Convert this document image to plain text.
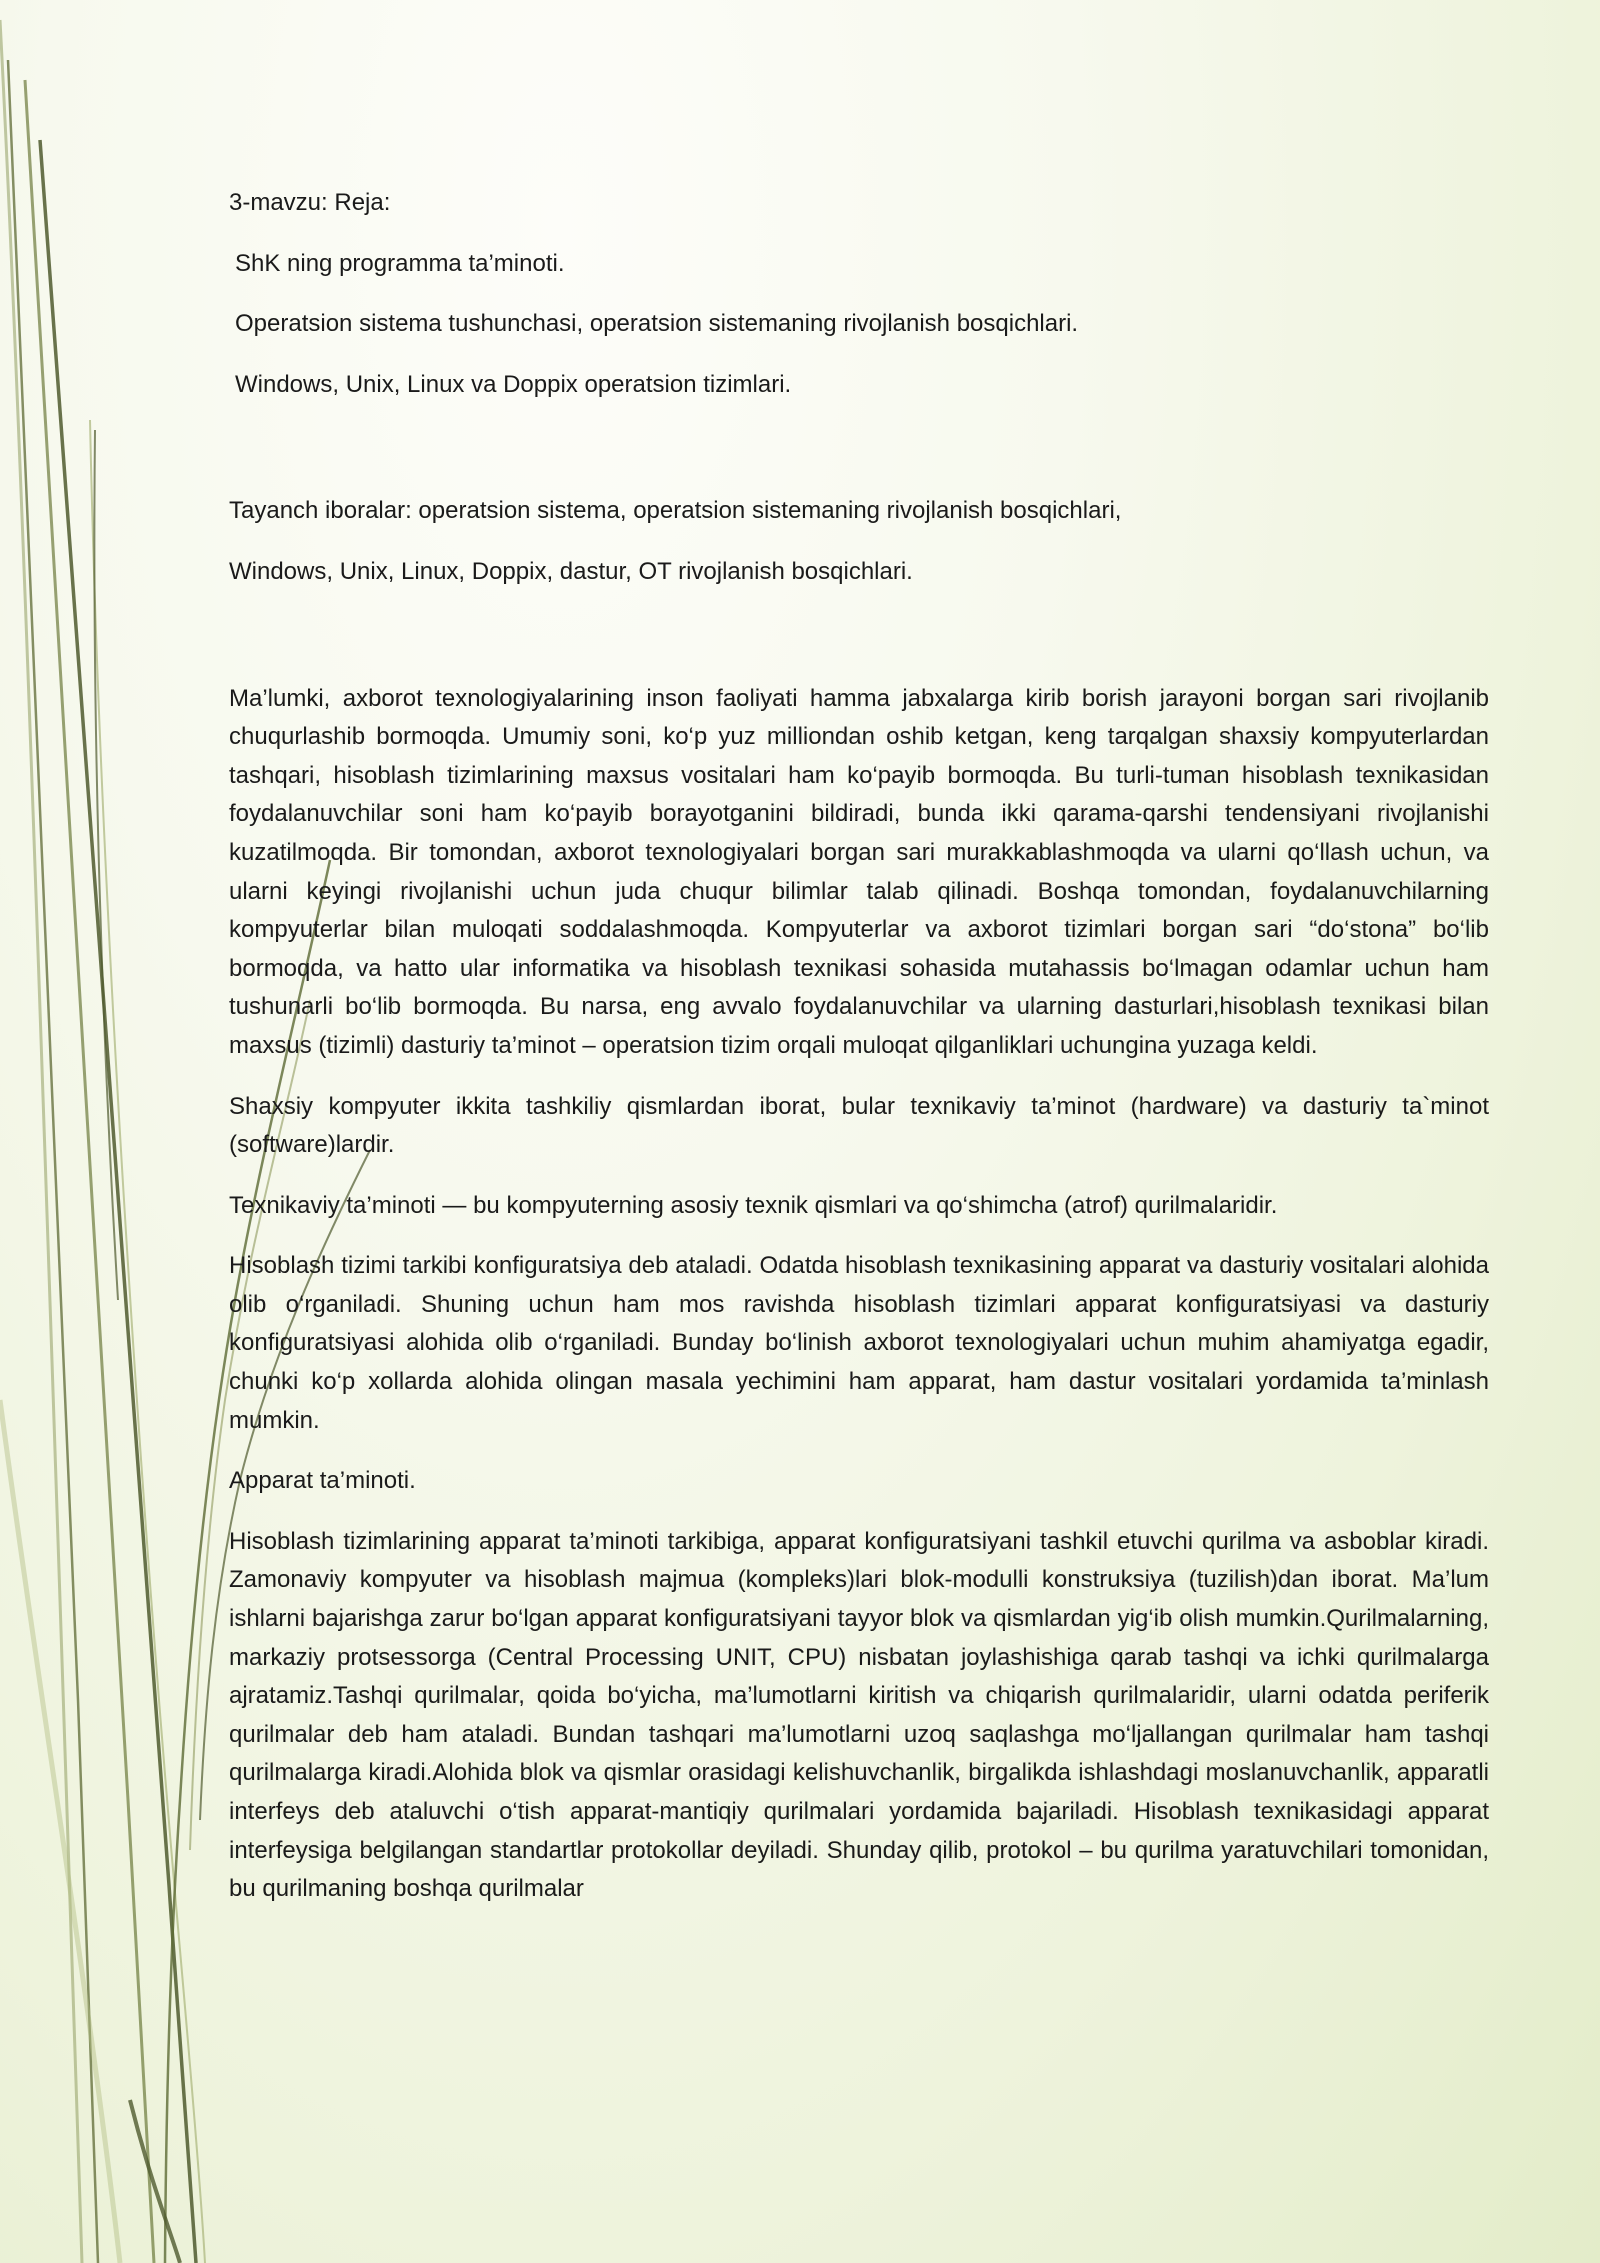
3-mavzu: Reja:
ShK ning programma ta’minoti.
Operatsion sistema tushunchasi, operatsion sistemaning rivojlanish bosqichlari.
Windows, Unix, Linux va Doppix operatsion tizimlari.
Tayanch iboralar: operatsion sistema, operatsion sistemaning rivojlanish bosqichlari,
Windows, Unix, Linux, Doppix, dastur, OT rivojlanish bosqichlari.

Ma’lumki, axborot texnologiyalarining inson faoliyati hamma jabxalarga kirib borish jarayoni borgan sari rivojlanib chuqurlashib bormoqda. Umumiy soni, ko‘p yuz milliondan oshib ketgan, keng tarqalgan shaxsiy kompyuterlardan tashqari, hisoblash tizimlarining maxsus vositalari ham ko‘payib bormoqda. Bu turli-tuman hisoblash texnikasidan foydalanuvchilar soni ham ko‘payib borayotganini bildiradi, bunda ikki qarama-qarshi tendensiyani rivojlanishi kuzatilmoqda. Bir tomondan, axborot texnologiyalari borgan sari murakkablashmoqda va ularni qo‘llash uchun, va ularni keyingi rivojlanishi uchun juda chuqur bilimlar talab qilinadi. Boshqa tomondan, foydalanuvchilarning kompyuterlar bilan muloqati soddalashmoqda. Kompyuterlar va axborot tizimlari borgan sari “do‘stona” bo‘lib bormoqda, va hatto ular informatika va hisoblash texnikasi sohasida mutahassis bo‘lmagan odamlar uchun ham tushunarli bo‘lib bormoqda. Bu narsa, eng avvalo foydalanuvchilar va ularning dasturlari,hisoblash texnikasi bilan maxsus (tizimli) dasturiy ta’minot – operatsion tizim orqali muloqat qilganliklari uchungina yuzaga keldi.

Shaxsiy kompyuter ikkita tashkiliy qismlardan iborat, bular texnikaviy ta’minot (hardware) va dasturiy ta`minot (software)lardir.

Texnikaviy ta’minoti — bu kompyuterning asosiy texnik qismlari va qo‘shimcha (atrof) qurilmalaridir.

Hisoblash tizimi tarkibi konfiguratsiya deb ataladi. Odatda hisoblash texnikasining apparat va dasturiy vositalari alohida olib o‘rganiladi. Shuning uchun ham mos ravishda hisoblash tizimlari apparat konfiguratsiyasi va dasturiy konfiguratsiyasi alohida olib o‘rganiladi. Bunday bo‘linish axborot texnologiyalari uchun muhim ahamiyatga egadir, chunki ko‘p xollarda alohida olingan masala yechimini ham apparat, ham dastur vositalari yordamida ta’minlash mumkin.

Apparat ta’minoti.

Hisoblash tizimlarining apparat ta’minoti tarkibiga, apparat konfiguratsiyani tashkil etuvchi qurilma va asboblar kiradi. Zamonaviy kompyuter va hisoblash majmua (kompleks)lari blok-modulli konstruksiya (tuzilish)dan iborat. Ma’lum ishlarni bajarishga zarur bo‘lgan apparat konfiguratsiyani tayyor blok va qismlardan yig‘ib olish mumkin.Qurilmalarning, markaziy protsessorga (Central Processing UNIT, CPU) nisbatan joylashishiga qarab tashqi va ichki qurilmalarga ajratamiz.Tashqi qurilmalar, qoida bo‘yicha, ma’lumotlarni kiritish va chiqarish qurilmalaridir, ularni odatda periferik qurilmalar deb ham ataladi. Bundan tashqari ma’lumotlarni uzoq saqlashga mo‘ljallangan qurilmalar ham tashqi qurilmalarga kiradi.Alohida blok va qismlar orasidagi kelishuvchanlik, birgalikda ishlashdagi moslanuvchanlik, apparatli interfeys deb ataluvchi o‘tish apparat-mantiqiy qurilmalari yordamida bajariladi. Hisoblash texnikasidagi apparat interfeysiga belgilangan standartlar protokollar deyiladi. Shunday qilib, protokol – bu qurilma yaratuvchilari tomonidan, bu qurilmaning boshqa qurilmalar
